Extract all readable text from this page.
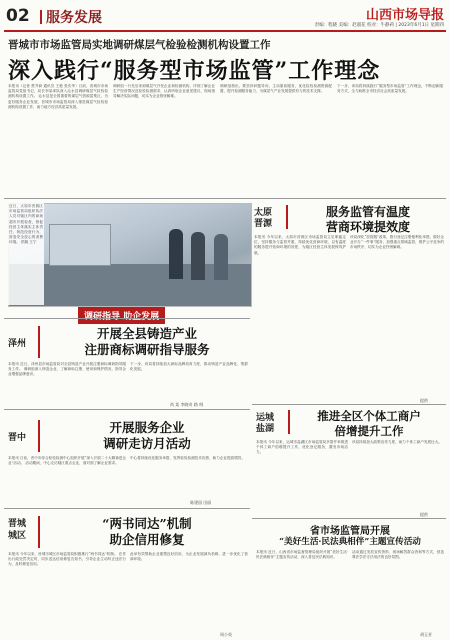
02 服务发展	山西市场导报
责编：程晓 美编：赵淑花 校对：牛静莉 | 2023年6月1日 星期四
晋城市市场监管局实地调研煤层气检验检测机构设置工作
深入践行“服务型市场监管”工作理念
本报讯（记者 贾齐商 通讯员 王艳 张庆华）日前，晋城市市场监管局党组书记、局长李某率队深入沁水县调研煤层气检验检测机构设置工作。 沁水县是全国重要的煤层气资源富集区，为更好服务企业发展，晋城市市场监管局深入推进煤层气检验检测机构设置工作，助力地方经济高质量发展。
调研组一行先后来到煤层气开发企业和检测机构，详细了解企业生产经营情况及检验检测需求，认真听取企业意见建议，现场指导解决实际问题，切实为企业排忧解难。
调研组指出，要坚持问题导向，主动靠前服务，优化检验检测资源配置，提升检测服务能力，为煤层气产业发展提供有力的技术支撑。
下一步，该局将持续践行“服务型市场监管”工作理念，不断创新服务方式，全力助推全市经济社会高质量发展。
近日，太原市晋源区市场监管局组织执法人员对辖区内的商场超市开展检查，督促经营主体落实主体责任，规范经营行为，营造安全放心的消费环境。 供稿 王宁
调研指导 助企发展
太原
晋源
服务监管有温度
营商环境提效度
本报讯 今年以来，太原市晋源区市场监管局立足职能定位，坚持服务与监管并重，持续优化营商环境，以有温度的服务提升营商环境的效度，为辖区经营主体发展保驾护航。
该局深化“放管服”改革，推行登记注册便利化举措，做好企业开办“一件事”服务，加强重点领域监管，维护公平竞争的市场秩序，切实为企业纾困解难。
提供
泽州
开展全县铸造产业
注册商标调研指导服务
本报讯 近日，泽州县市场监管局对全县铸造产业开展注册商标调研指导服务工作。 调研组深入铸造企业，了解商标注册、使用和保护情况，指导企业增强品牌意识。
下一步，该局将持续加大商标品牌培育力度，推动铸造产业品牌化、集群化发展。
尚 某 李晓奇 路 纲
晋中
开展服务企业
调研走访月活动
本报讯 日前，晋中市综合检验检测中心组织开展“深入开展二十大精神进企业”活动。 活动期间，中心走访辖区重点企业，面对面了解企业需求。
中心将持续优化服务举措，发挥检验检测技术优势，助力企业提质增效。
陈建国 田丽
运城
盐湖
推进全区个体工商户
倍增提升工作
本报讯 今年以来，运城市盐湖区市场监管局多措并举推进个体工商户倍增提升工作，优化登记服务，激发市场活力。
该局持续加大政策宣传力度，助力个体工商户发展壮大。
提供
晋城
城区
“两书同达”机制
助企信用修复
本报讯 今年以来，晋城市城区市场监管局积极推行“两书同达”机制。 在作出行政处罚决定时，同步送达信用修复告知书，引导企业主动纠正违法行为，及时修复信用。
此举有效帮助企业重塑良好信用，为企业发展减负松绑，进一步优化了营商环境。
周小英
省市场监管局开展
“美好生活·民法典相伴”主题宣传活动
本报讯 近日，山西省市场监督管理局组织开展“美好生活·民法典相伴”主题宣传活动，深入普及民法典知识。
活动通过发放宣传资料、现场解答群众咨询等方式，营造尊法学法守法用法的良好氛围。
胡玉芳
